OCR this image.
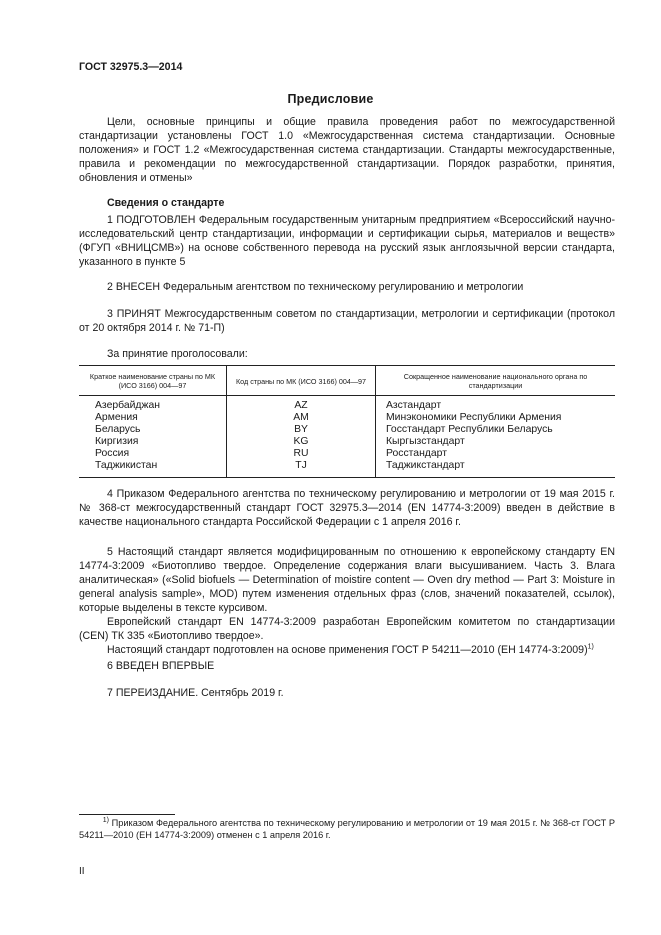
ГОСТ 32975.3—2014
Предисловие

Цели, основные принципы и общие правила проведения работ по межгосударственной стандартизации установлены ГОСТ 1.0 «Межгосударственная система стандартизации. Основные положения» и ГОСТ 1.2 «Межгосударственная система стандартизации. Стандарты межгосударственные, правила и рекомендации по межгосударственной стандартизации. Порядок разработки, принятия, обновления и отмены»

Сведения о стандарте

1 ПОДГОТОВЛЕН Федеральным государственным унитарным предприятием «Всероссийский научно-исследовательский центр стандартизации, информации и сертификации сырья, материалов и веществ» (ФГУП «ВНИЦСМВ») на основе собственного перевода на русский язык англоязычной версии стандарта, указанного в пункте 5

2 ВНЕСЕН Федеральным агентством по техническому регулированию и метрологии

3 ПРИНЯТ Межгосударственным советом по стандартизации, метрологии и сертификации (протокол от 20 октября 2014 г. № 71-П)

За принятие проголосовали:

Краткое наименование страны по МК (ИСО 3166) 004—97	Код страны по МК (ИСО 3166) 004—97	Сокращенное наименование национального органа по стандартизации
Азербайджан	AZ	Азстандарт
Армения	AM	Минэкономики Республики Армения
Беларусь	BY	Госстандарт Республики Беларусь
Киргизия	KG	Кыргызстандарт
Россия	RU	Росстандарт
Таджикистан	TJ	Таджикстандарт

4 Приказом Федерального агентства по техническому регулированию и метрологии от 19 мая 2015 г. № 368-ст межгосударственный стандарт ГОСТ 32975.3—2014 (EN 14774-3:2009) введен в действие в качестве национального стандарта Российской Федерации с 1 апреля 2016 г.

5 Настоящий стандарт является модифицированным по отношению к европейскому стандарту EN 14774-3:2009 «Биотопливо твердое. Определение содержания влаги высушиванием. Часть 3. Влага аналитическая» («Solid biofuels — Determination of moistire content — Oven dry method — Part 3: Moisture in general analysis sample», MOD) путем изменения отдельных фраз (слов, значений показателей, ссылок), которые выделены в тексте курсивом.

Европейский стандарт EN 14774-3:2009 разработан Европейским комитетом по стандартизации (CEN) ТК 335 «Биотопливо твердое».

Настоящий стандарт подготовлен на основе применения ГОСТ Р 54211—2010 (ЕН 14774-3:2009)$^{1)}$

6 ВВЕДЕН ВПЕРВЫЕ

7 ПЕРЕИЗДАНИЕ. Сентябрь 2019 г.

$^{1)}$ Приказом Федерального агентства по техническому регулированию и метрологии от 19 мая 2015 г. № 368-ст ГОСТ Р 54211—2010 (ЕН 14774-3:2009) отменен с 1 апреля 2016 г.
II
